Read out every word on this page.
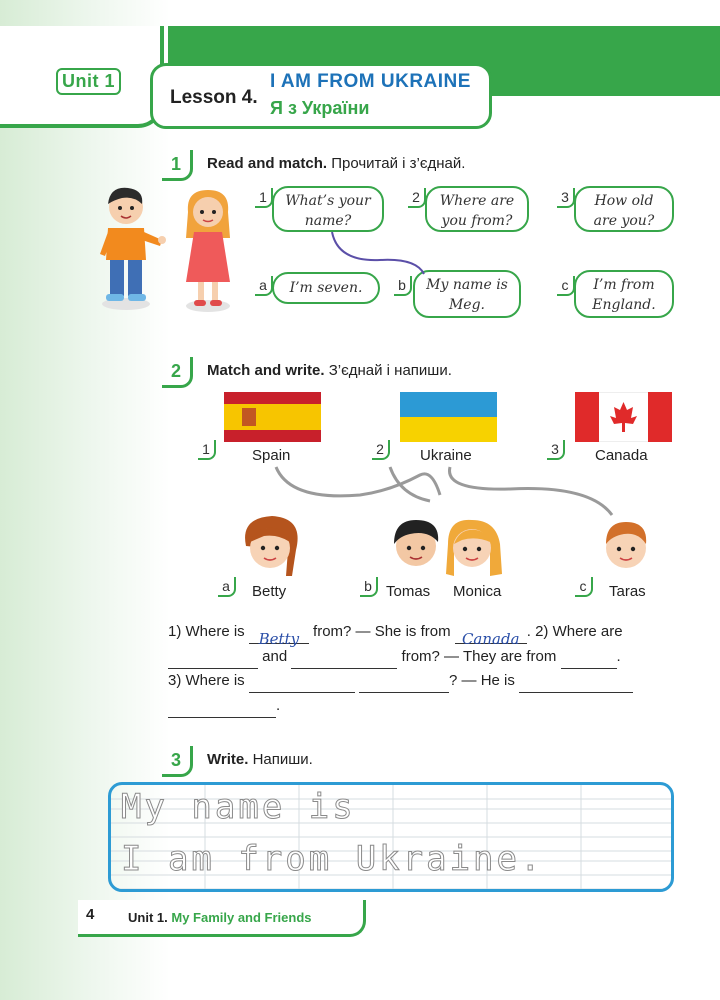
Unit 1
Lesson 4.
I AM FROM UKRAINE
Я з України
1	Read and match. Прочитай і з’єднай.
1	What’s your name?
2	Where are you from?
3	How old are you?
a	I’m seven.	b	My name is Meg.
c	I’m from England.
2	Match and write. З’єднай і напиши.
1	Spain	2	Ukraine	3	Canada
a	Betty	b Tomas Monica	c	Taras
1) Where is Betty from? — She is from Canada . 2) Where are
and	from? — They are from	.
3) Where is	? — He is
.
3	Write. Напиши.
My name is
I am from Ukraine.
4	Unit 1. My Family and Friends
